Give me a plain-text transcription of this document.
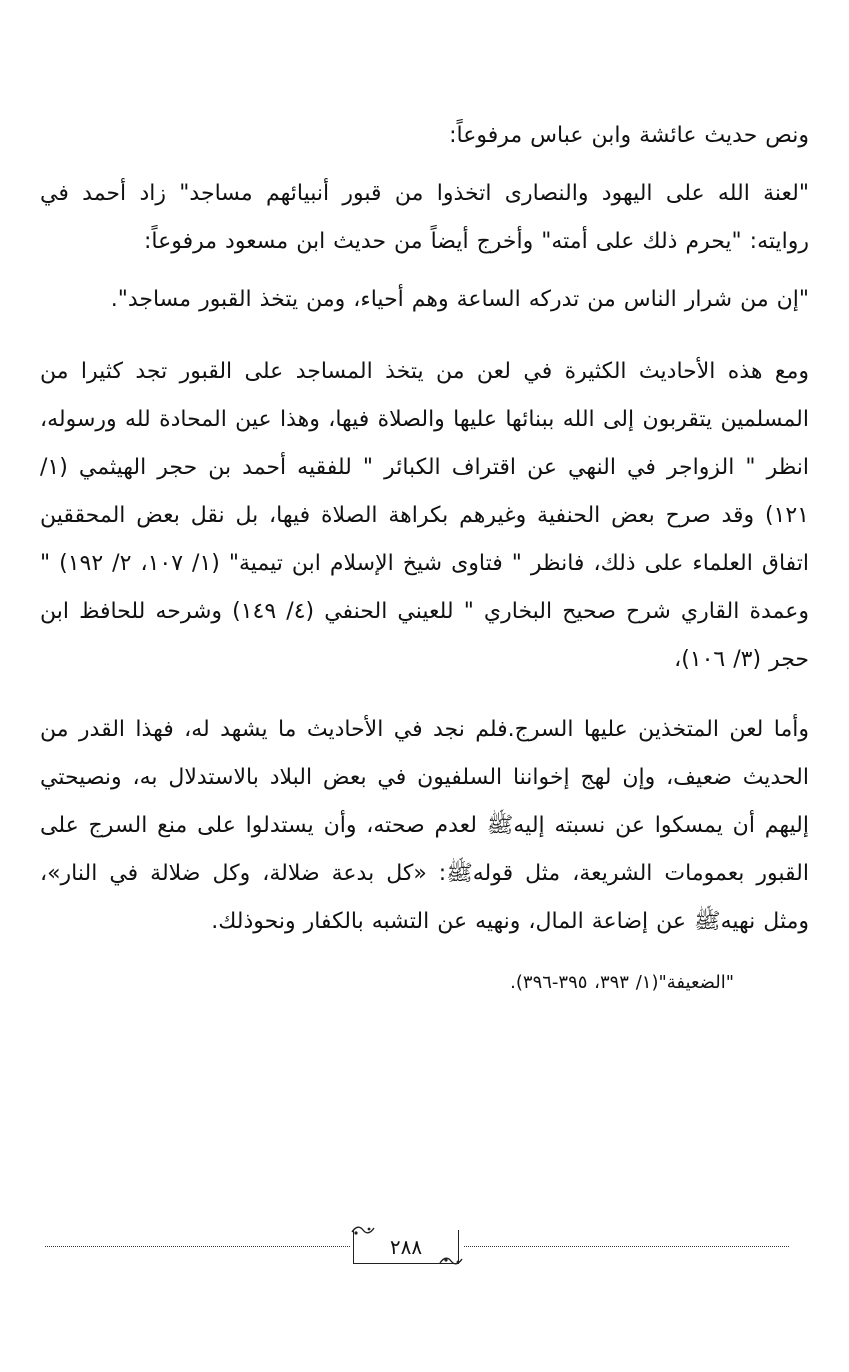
ونص حديث عائشة وابن عباس مرفوعاً:

"لعنة الله على اليهود والنصارى اتخذوا من قبور أنبيائهم مساجد" زاد أحمد في روايته: "يحرم ذلك على أمته" وأخرج أيضاً من حديث ابن مسعود مرفوعاً:

"إن من شرار الناس من تدركه الساعة وهم أحياء، ومن يتخذ القبور مساجد".

ومع هذه الأحاديث الكثيرة في لعن من يتخذ المساجد على القبور تجد كثيرا من المسلمين يتقربون إلى الله ببنائها عليها والصلاة فيها، وهذا عين المحادة لله ورسوله، انظر " الزواجر في النهي عن اقتراف الكبائر " للفقيه أحمد بن حجر الهيثمي (١/ ١٢١) وقد صرح بعض الحنفية وغيرهم بكراهة الصلاة فيها، بل نقل بعض المحققين اتفاق العلماء على ذلك، فانظر " فتاوى شيخ الإسلام ابن تيمية" (١/ ١٠٧، ٢/ ١٩٢) " وعمدة القاري شرح صحيح البخاري " للعيني الحنفي (٤/ ١٤٩) وشرحه للحافظ ابن حجر (٣/ ١٠٦)،

وأما لعن المتخذين عليها السرج.فلم نجد في الأحاديث ما يشهد له، فهذا القدر من الحديث ضعيف، وإن لهج إخواننا السلفيون في بعض البلاد بالاستدلال به، ونصيحتي إليهم أن يمسكوا عن نسبته إليهﷺ لعدم صحته، وأن يستدلوا على منع السرج على القبور بعمومات الشريعة، مثل قولهﷺ: «كل بدعة ضلالة، وكل ضلالة في النار»، ومثل نهيهﷺ عن إضاعة المال، ونهيه عن التشبه بالكفار ونحوذلك.

"الضعيفة"(١/ ٣٩٣، ٣٩٥-٣٩٦).

٢٨٨
